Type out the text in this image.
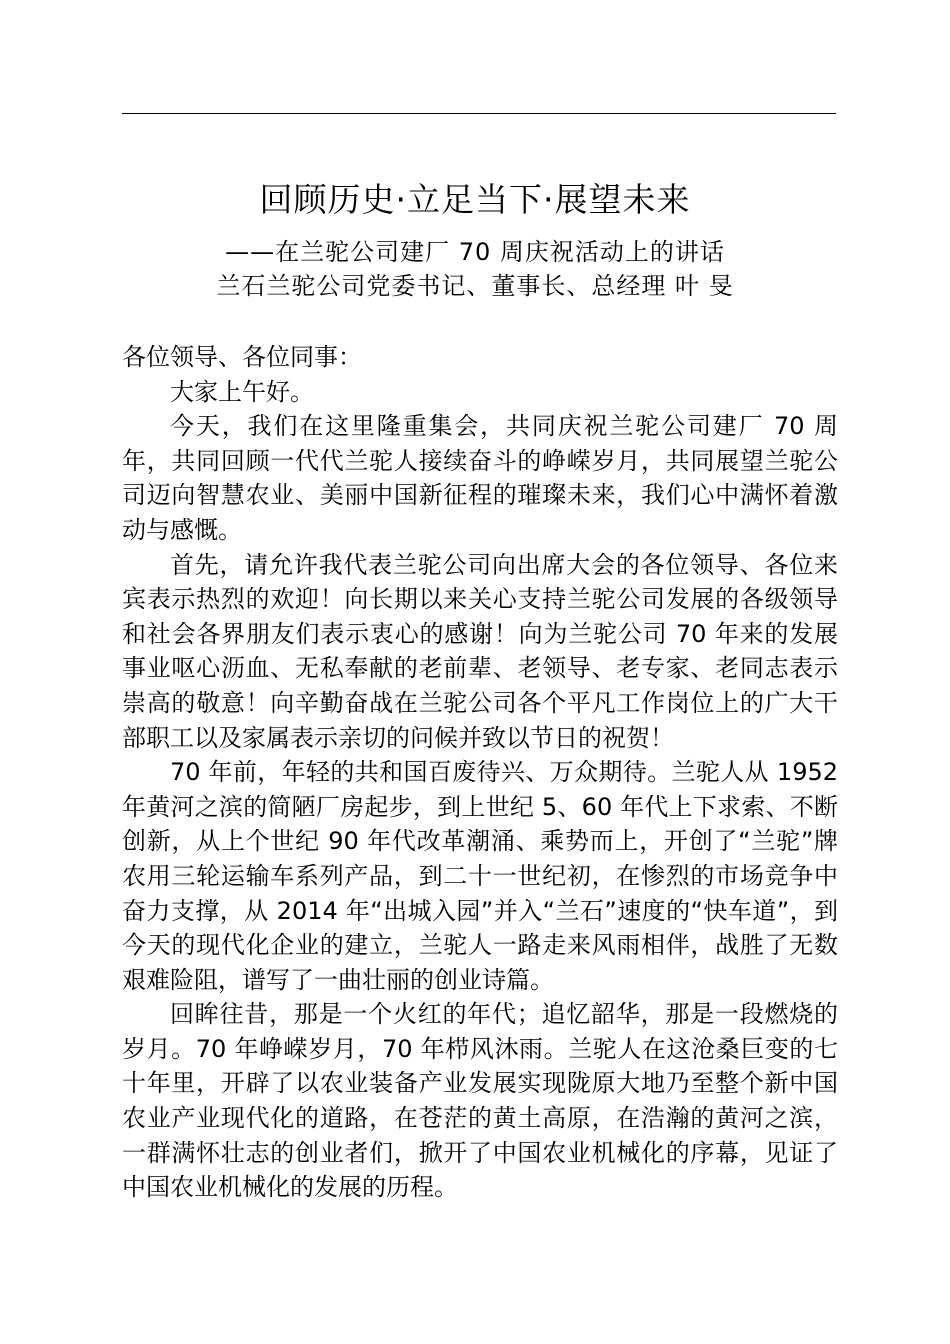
回顾历史·立足当下·展望未来
——在兰驼公司建厂 70 周庆祝活动上的讲话
兰石兰驼公司党委书记、董事长、总经理 叶 旻

各位领导、各位同事：

大家上午好。

今天，我们在这里隆重集会，共同庆祝兰驼公司建厂 70 周年，共同回顾一代代兰驼人接续奋斗的峥嵘岁月，共同展望兰驼公司迈向智慧农业、美丽中国新征程的璀璨未来，我们心中满怀着激动与感慨。

首先，请允许我代表兰驼公司向出席大会的各位领导、各位来宾表示热烈的欢迎！向长期以来关心支持兰驼公司发展的各级领导和社会各界朋友们表示衷心的感谢！向为兰驼公司 70 年来的发展事业呕心沥血、无私奉献的老前辈、老领导、老专家、老同志表示崇高的敬意！向辛勤奋战在兰驼公司各个平凡工作岗位上的广大干部职工以及家属表示亲切的问候并致以节日的祝贺！

70 年前，年轻的共和国百废待兴、万众期待。兰驼人从 1952 年黄河之滨的简陋厂房起步，到上世纪 5、60 年代上下求索、不断创新，从上个世纪 90 年代改革潮涌、乘势而上，开创了“兰驼”牌农用三轮运输车系列产品，到二十一世纪初，在惨烈的市场竞争中奋力支撑，从 2014 年“出城入园”并入“兰石”速度的“快车道”，到今天的现代化企业的建立，兰驼人一路走来风雨相伴，战胜了无数艰难险阻，谱写了一曲壮丽的创业诗篇。

回眸往昔，那是一个火红的年代；追忆韶华，那是一段燃烧的岁月。70 年峥嵘岁月，70 年栉风沐雨。兰驼人在这沧桑巨变的七十年里，开辟了以农业装备产业发展实现陇原大地乃至整个新中国农业产业现代化的道路，在苍茫的黄土高原，在浩瀚的黄河之滨，一群满怀壮志的创业者们，掀开了中国农业机械化的序幕，见证了中国农业机械化的发展的历程。
